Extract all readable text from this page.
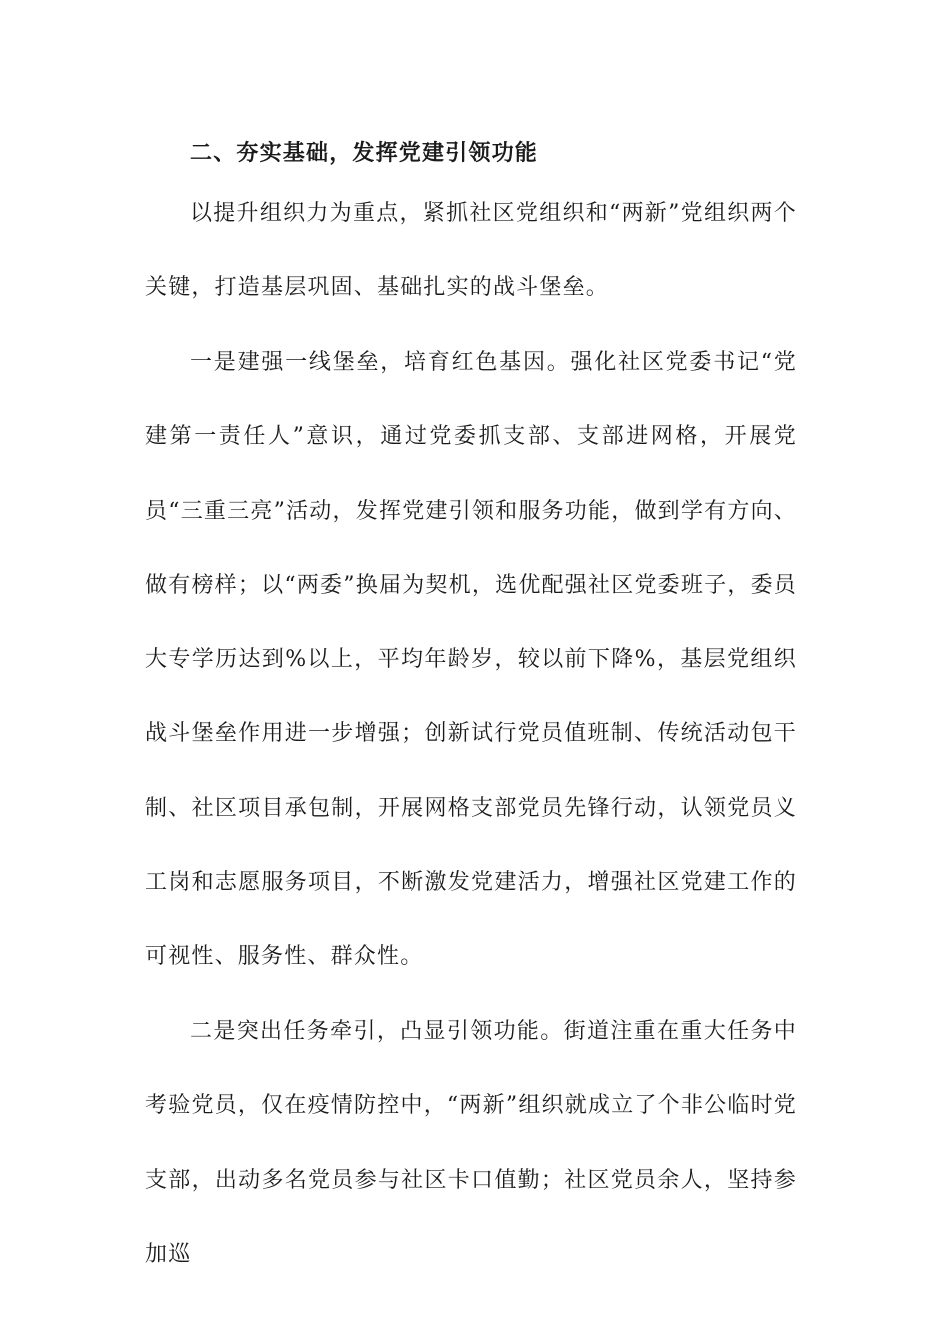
二、夯实基础，发挥党建引领功能

以提升组织力为重点，紧抓社区党组织和“两新”党组织两个关键，打造基层巩固、基础扎实的战斗堡垒。

一是建强一线堡垒，培育红色基因。强化社区党委书记“党建第一责任人”意识，通过党委抓支部、支部进网格，开展党员“三重三亮”活动，发挥党建引领和服务功能，做到学有方向、做有榜样；以“两委”换届为契机，选优配强社区党委班子，委员大专学历达到%以上，平均年龄岁，较以前下降%，基层党组织战斗堡垒作用进一步增强；创新试行党员值班制、传统活动包干制、社区项目承包制，开展网格支部党员先锋行动，认领党员义工岗和志愿服务项目，不断激发党建活力，增强社区党建工作的可视性、服务性、群众性。

二是突出任务牵引，凸显引领功能。街道注重在重大任务中考验党员，仅在疫情防控中，“两新”组织就成立了个非公临时党支部，出动多名党员参与社区卡口值勤；社区党员余人，坚持参加巡
